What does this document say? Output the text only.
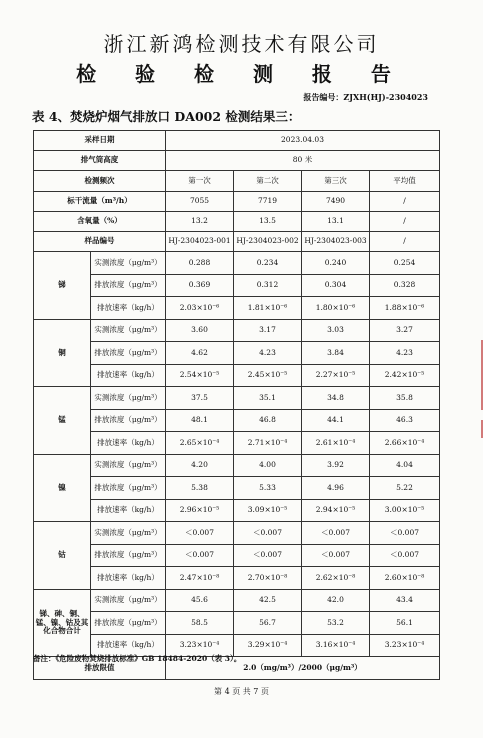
浙江新鸿检测技术有限公司
检 验 检 测 报 告
报告编号：ZJXH(HJ)-2304023
表 4、焚烧炉烟气排放口 DA002 检测结果三：
采样日期		2023.04.03			
排气筒高度		80 米			
检测频次		第一次	第二次	第三次	平均值
标干流量（m³/h）		7055	7719	7490	/
含氧量（%）		13.2	13.5	13.1	/
样品编号		HJ-2304023-001	HJ-2304023-002	HJ-2304023-003	/
锑	实测浓度（μg/m³）	0.288	0.234	0.240	0.254
	排放浓度（μg/m³）	0.369	0.312	0.304	0.328
	排放速率（kg/h）	2.03×10⁻⁶	1.81×10⁻⁶	1.80×10⁻⁶	1.88×10⁻⁶
铜	实测浓度（μg/m³）	3.60	3.17	3.03	3.27
	排放浓度（μg/m³）	4.62	4.23	3.84	4.23
	排放速率（kg/h）	2.54×10⁻⁵	2.45×10⁻⁵	2.27×10⁻⁵	2.42×10⁻⁵
锰	实测浓度（μg/m³）	37.5	35.1	34.8	35.8
	排放浓度（μg/m³）	48.1	46.8	44.1	46.3
	排放速率（kg/h）	2.65×10⁻⁴	2.71×10⁻⁴	2.61×10⁻⁴	2.66×10⁻⁴
镍	实测浓度（μg/m³）	4.20	4.00	3.92	4.04
	排放浓度（μg/m³）	5.38	5.33	4.96	5.22
	排放速率（kg/h）	2.96×10⁻⁵	3.09×10⁻⁵	2.94×10⁻⁵	3.00×10⁻⁵
钴	实测浓度（μg/m³）	＜0.007	＜0.007	＜0.007	＜0.007
	排放浓度（μg/m³）	＜0.007	＜0.007	＜0.007	＜0.007
	排放速率（kg/h）	2.47×10⁻⁸	2.70×10⁻⁸	2.62×10⁻⁸	2.60×10⁻⁸
锑、砷、铜、锰、镍、钴及其化合物合计	实测浓度（μg/m³）	45.6	42.5	42.0	43.4
	排放浓度（μg/m³）	58.5	56.7	53.2	56.1
	排放速率（kg/h）	3.23×10⁻⁴	3.29×10⁻⁴	3.16×10⁻⁴	3.23×10⁻⁴
排放限值		2.0（mg/m³）/2000（μg/m³）			
备注：《危险废物焚烧排放标准》GB 18484-2020（表 3）。
第 4 页 共 7 页
